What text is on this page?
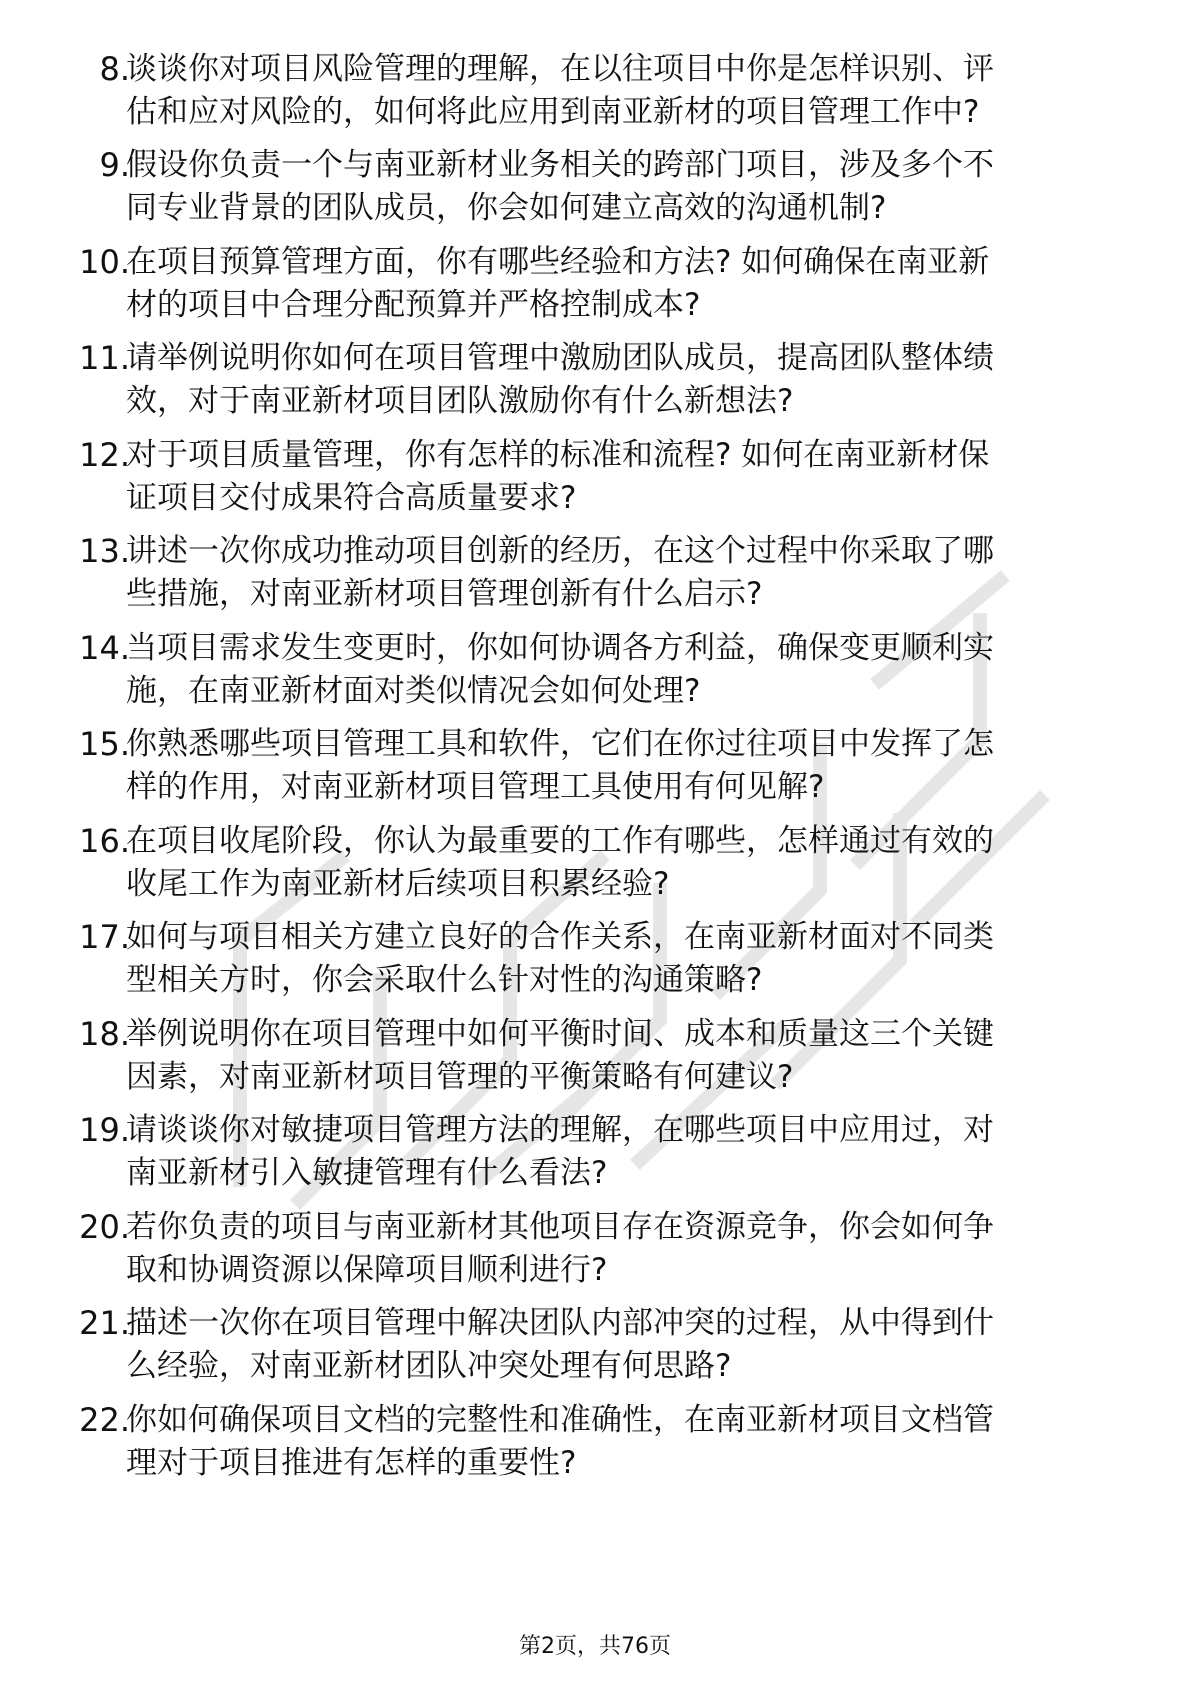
8.
谈谈你对项目风险管理的理解，在以往项目中你是怎样识别、评
估和应对风险的，如何将此应用到南亚新材的项目管理工作中?
9.
假设你负责一个与南亚新材业务相关的跨部门项目，涉及多个不
同专业背景的团队成员，你会如何建立高效的沟通机制?
10.
在项目预算管理方面，你有哪些经验和方法? 如何确保在南亚新
材的项目中合理分配预算并严格控制成本?
11.
请举例说明你如何在项目管理中激励团队成员，提高团队整体绩
效，对于南亚新材项目团队激励你有什么新想法?
12.
对于项目质量管理，你有怎样的标准和流程? 如何在南亚新材保
证项目交付成果符合高质量要求?
13.
讲述一次你成功推动项目创新的经历，在这个过程中你采取了哪
些措施，对南亚新材项目管理创新有什么启示?
14.
当项目需求发生变更时，你如何协调各方利益，确保变更顺利实
施，在南亚新材面对类似情况会如何处理?
15.
你熟悉哪些项目管理工具和软件，它们在你过往项目中发挥了怎
样的作用，对南亚新材项目管理工具使用有何见解?
16.
在项目收尾阶段，你认为最重要的工作有哪些，怎样通过有效的
收尾工作为南亚新材后续项目积累经验?
17.
如何与项目相关方建立良好的合作关系，在南亚新材面对不同类
型相关方时，你会采取什么针对性的沟通策略?
18.
举例说明你在项目管理中如何平衡时间、成本和质量这三个关键
因素，对南亚新材项目管理的平衡策略有何建议?
19.
请谈谈你对敏捷项目管理方法的理解，在哪些项目中应用过，对
南亚新材引入敏捷管理有什么看法?
20.
若你负责的项目与南亚新材其他项目存在资源竞争，你会如何争
取和协调资源以保障项目顺利进行?
21.
描述一次你在项目管理中解决团队内部冲突的过程，从中得到什
么经验，对南亚新材团队冲突处理有何思路?
22.
你如何确保项目文档的完整性和准确性，在南亚新材项目文档管
理对于项目推进有怎样的重要性?
第2页，共76页
